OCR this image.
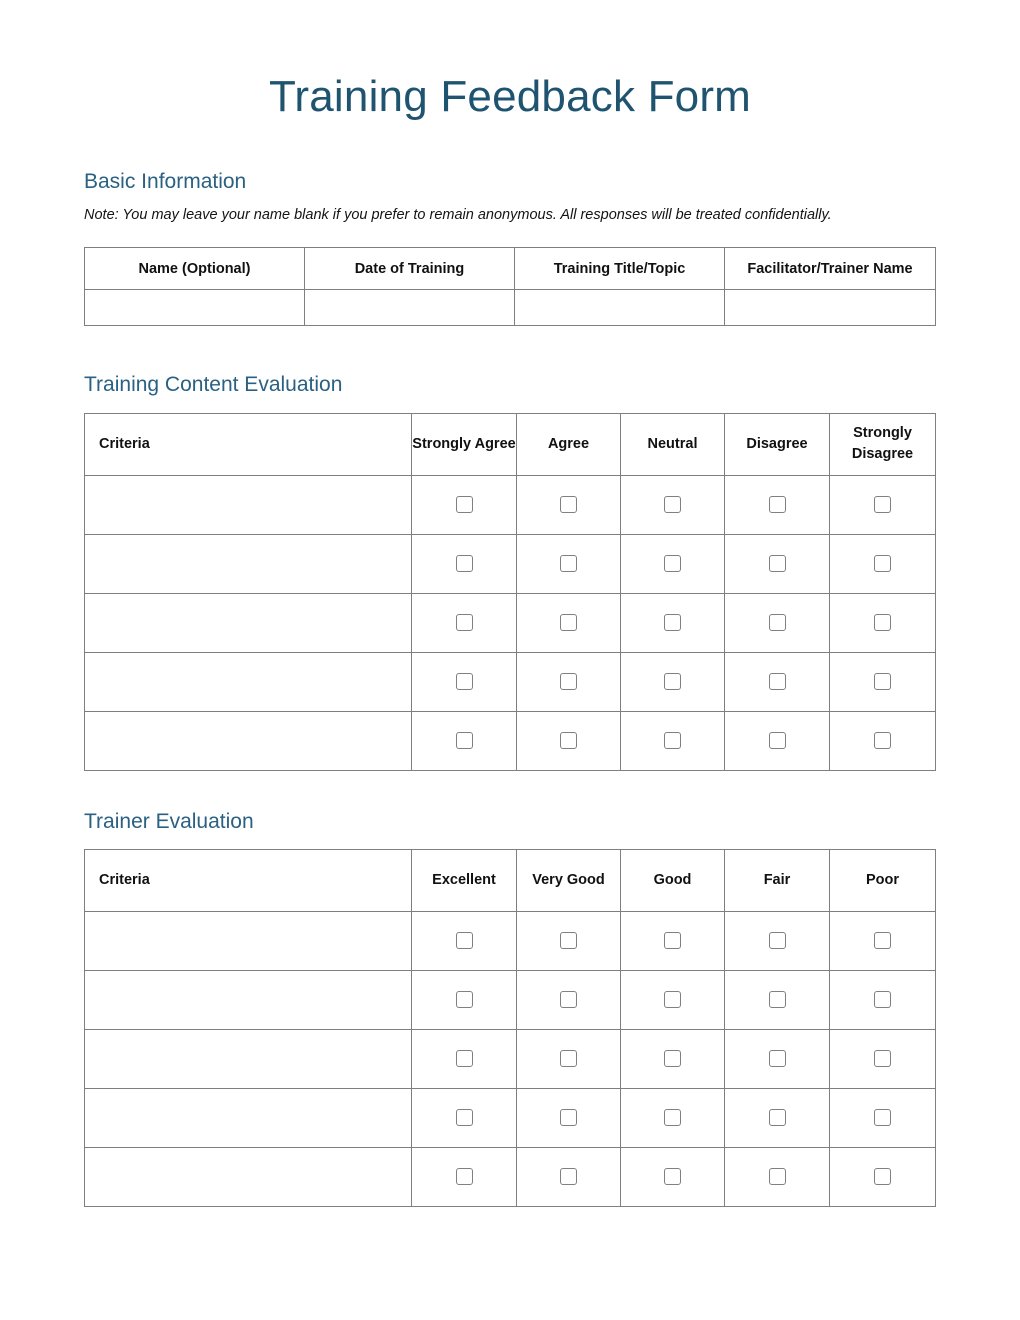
Training Feedback Form
Basic Information

Note: You may leave your name blank if you prefer to remain anonymous. All responses will be treated confidentially.

Name (Optional)	Date of Training	Training Title/Topic	Facilitator/Trainer Name

Training Content Evaluation
Criteria	Strongly Agree	Agree	Neutral	Disagree	Strongly Disagree

Trainer Evaluation
Criteria	Excellent	Very Good	Good	Fair	Poor
